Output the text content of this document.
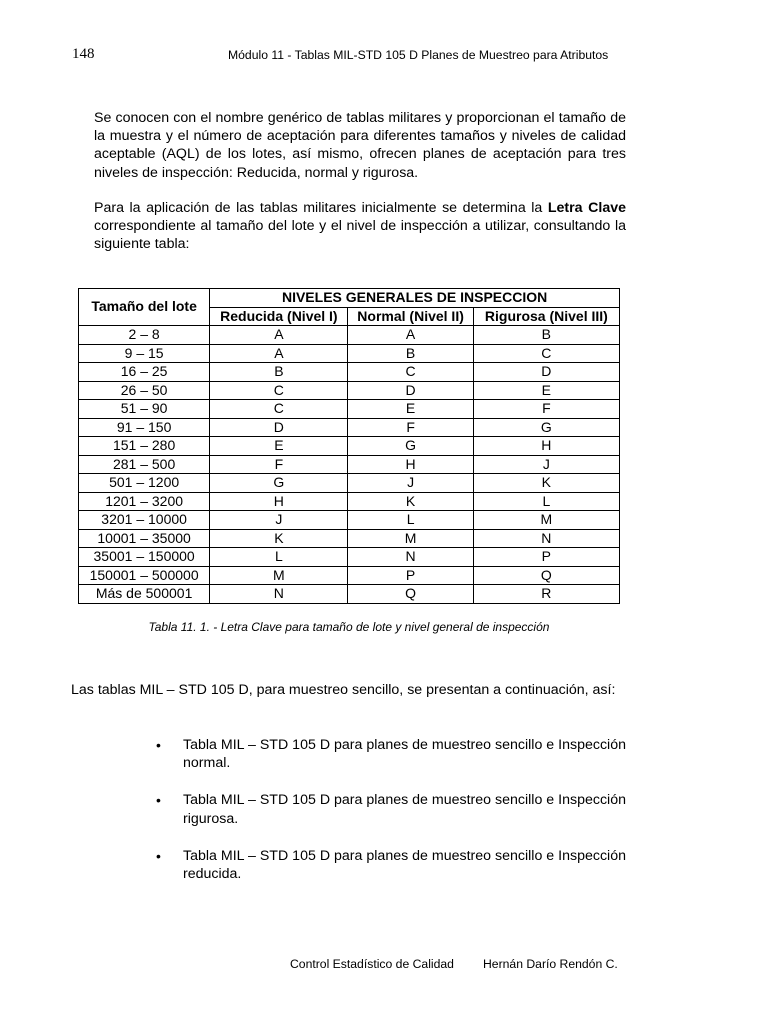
148	Módulo 11 - Tablas MIL-STD 105 D Planes de Muestreo para Atributos

Se conocen con el nombre genérico de tablas militares y proporcionan el tamaño de la muestra y el número de aceptación para diferentes tamaños y niveles de calidad aceptable (AQL) de los lotes, así mismo, ofrecen planes de aceptación para tres niveles de inspección: Reducida, normal y rigurosa.

Para la aplicación de las tablas militares inicialmente se determina la Letra Clave correspondiente al tamaño del lote y el nivel de inspección a utilizar, consultando la siguiente tabla:

Tamaño del lote	NIVELES GENERALES DE INSPECCION		
	Reducida (Nivel I)	Normal (Nivel II)	Rigurosa (Nivel III)
2 – 8	A	A	B
9 – 15	A	B	C
16 – 25	B	C	D
26 – 50	C	D	E
51 – 90	C	E	F
91 – 150	D	F	G
151 – 280	E	G	H
281 – 500	F	H	J
501 – 1200	G	J	K
1201 – 3200	H	K	L
3201 – 10000	J	L	M
10001 – 35000	K	M	N
35001 – 150000	L	N	P
150001 – 500000	M	P	Q
Más de 500001	N	Q	R
Tabla 11. 1. - Letra Clave para tamaño de lote y nivel general de inspección

Las tablas MIL – STD 105 D, para muestreo sencillo, se presentan a continuación, así:

• Tabla MIL – STD 105 D para planes de muestreo sencillo e Inspección normal.
• Tabla MIL – STD 105 D para planes de muestreo sencillo e Inspección rigurosa.
• Tabla MIL – STD 105 D para planes de muestreo sencillo e Inspección reducida.
Control Estadístico de Calidad Hernán Darío Rendón C.
